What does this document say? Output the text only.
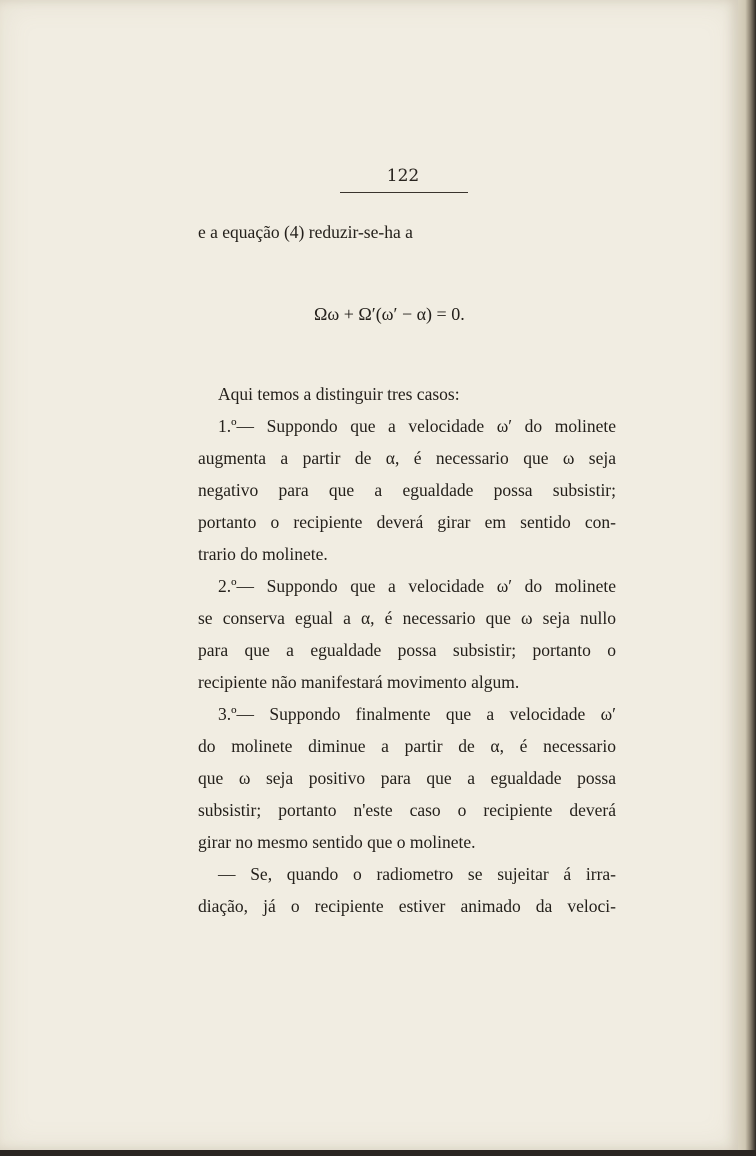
122
e a equação (4) reduzir-se-ha a
Ωω + Ω′(ω′ − α) = 0.
Aqui temos a distinguir tres casos:
1.º— Suppondo que a velocidade ω′ do molinete
augmenta a partir de α, é necessario que ω seja
negativo para que a egualdade possa subsistir;
portanto o recipiente deverá girar em sentido con-
trario do molinete.
2.º— Suppondo que a velocidade ω′ do molinete
se conserva egual a α, é necessario que ω seja nullo
para que a egualdade possa subsistir; portanto o
recipiente não manifestará movimento algum.
3.º— Suppondo finalmente que a velocidade ω′
do molinete diminue a partir de α, é necessario
que ω seja positivo para que a egualdade possa
subsistir; portanto n'este caso o recipiente deverá
girar no mesmo sentido que o molinete.
— Se, quando o radiometro se sujeitar á irra-
diação, já o recipiente estiver animado da veloci-
